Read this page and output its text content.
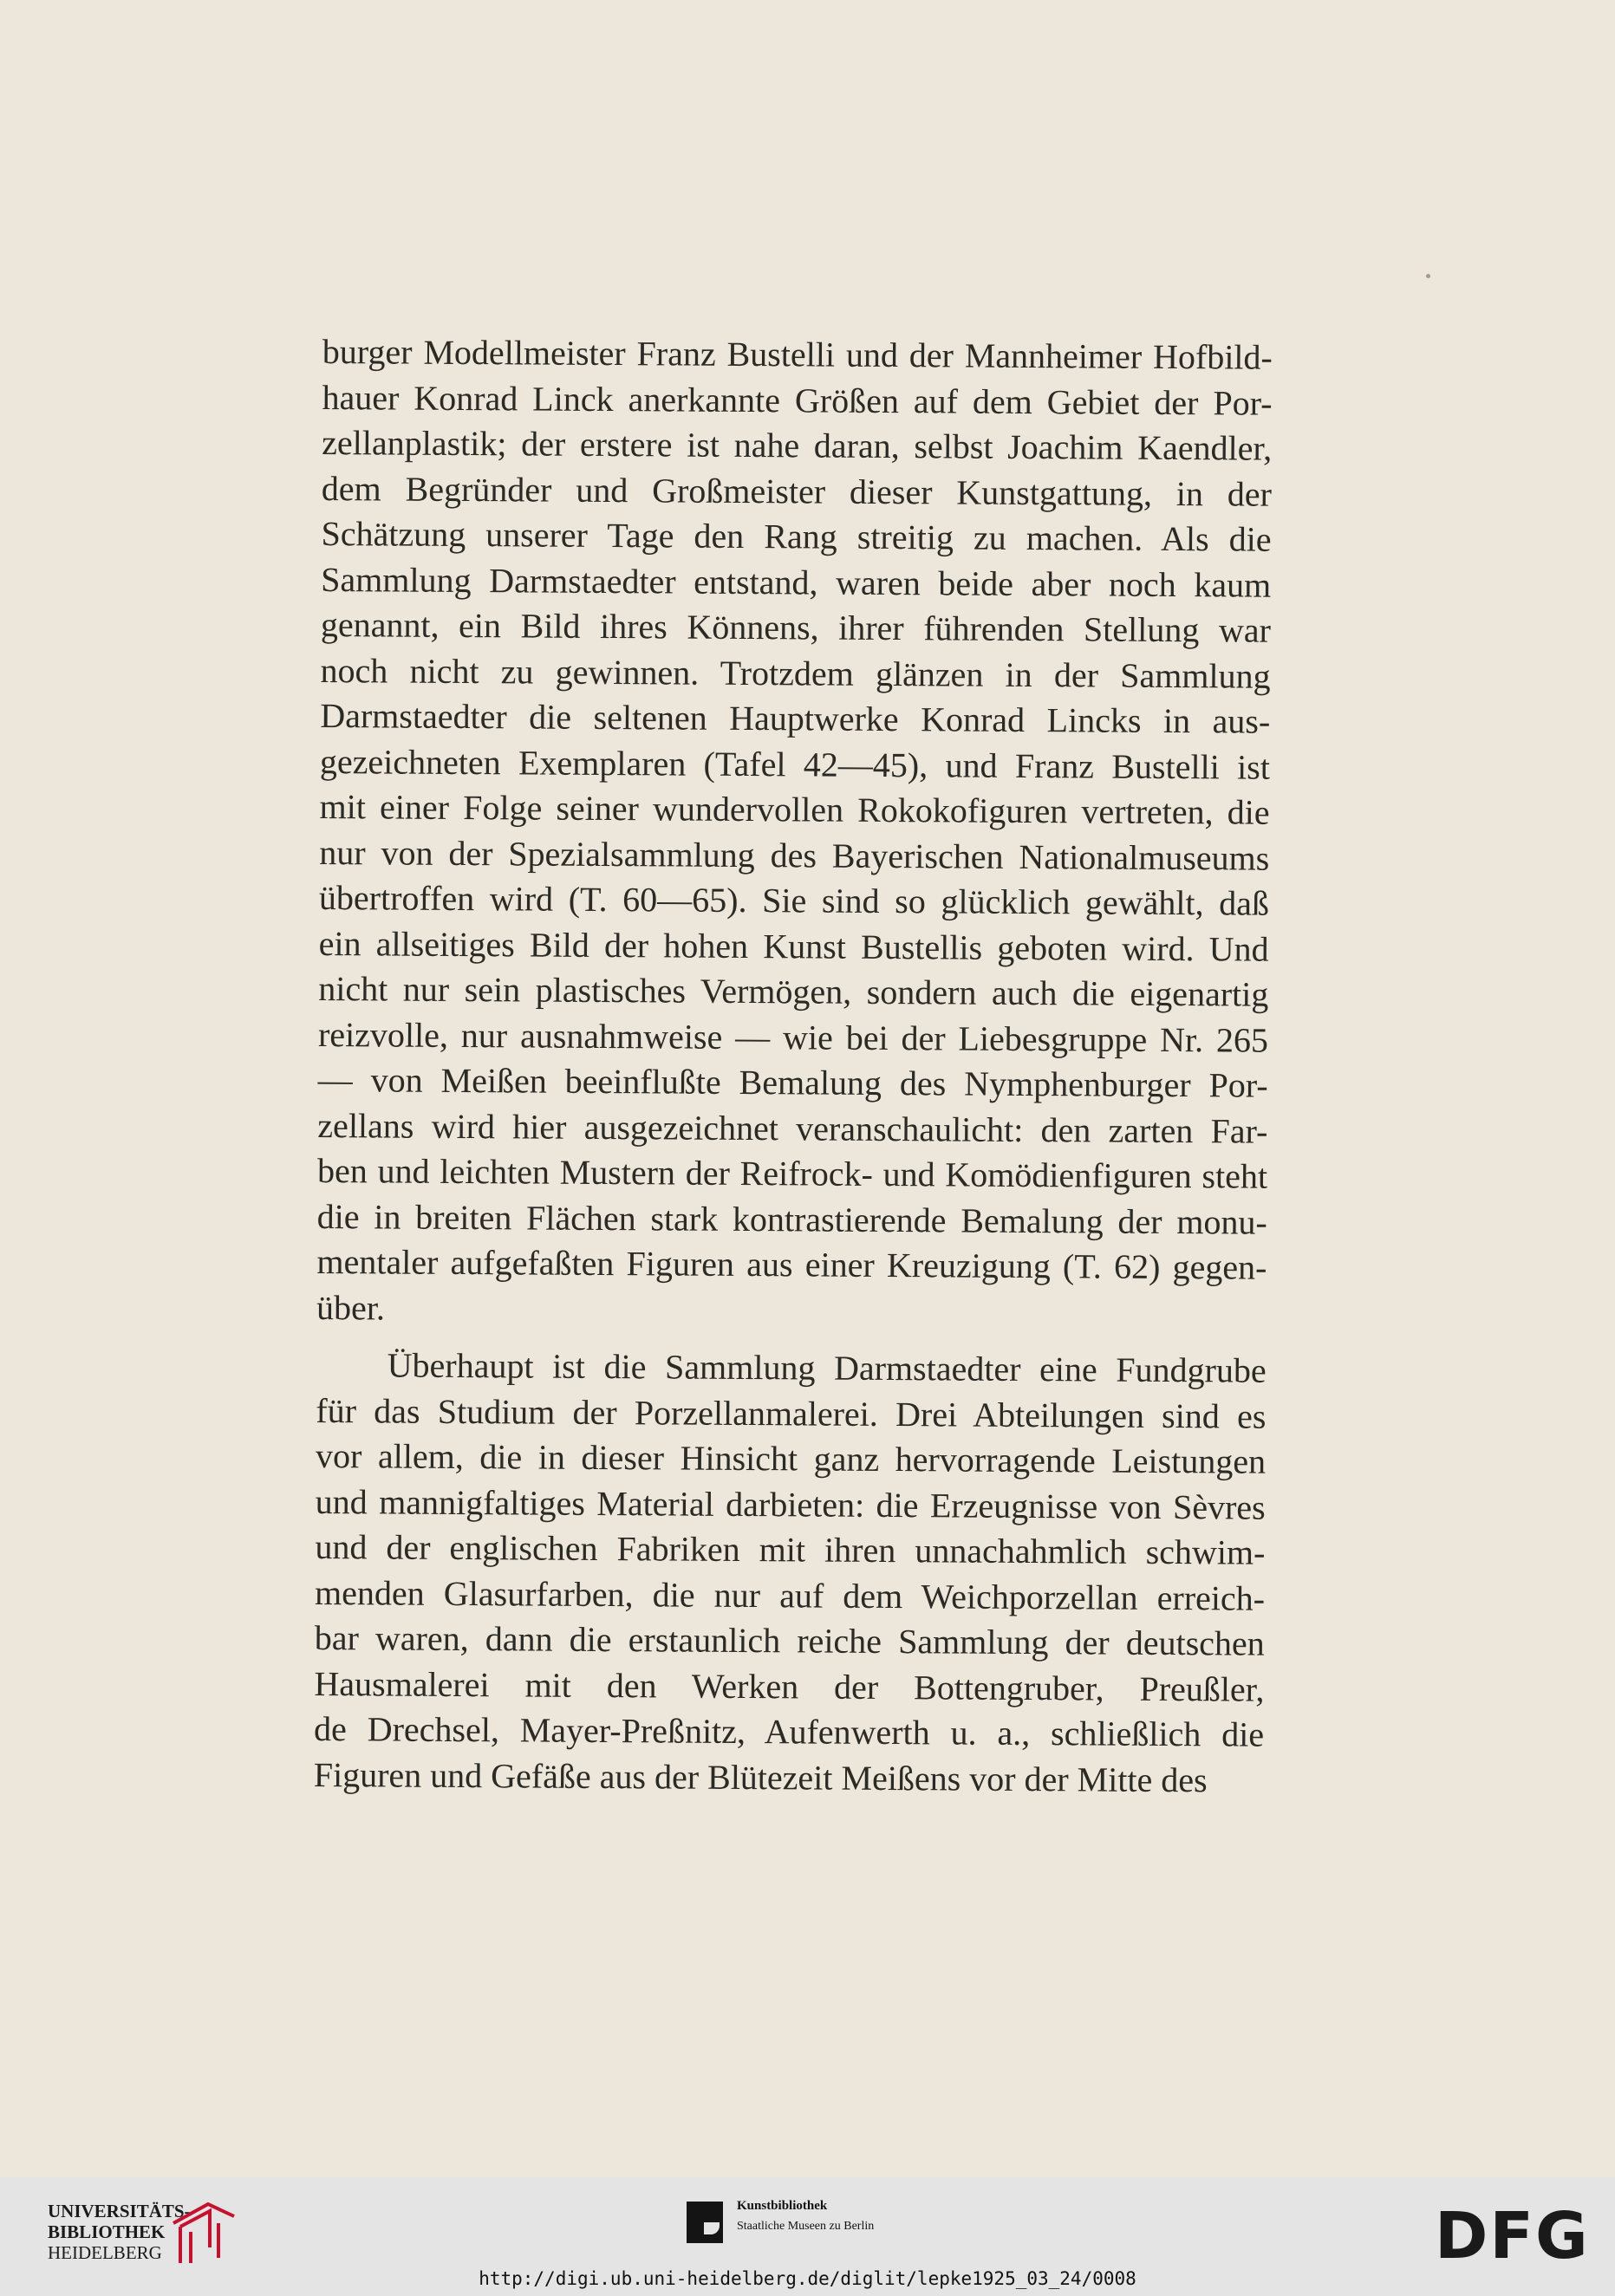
burger Modellmeister Franz Bustelli und der Mannheimer Hofbild-
hauer Konrad Linck anerkannte Größen auf dem Gebiet der Por-
zellanplastik; der erstere ist nahe daran, selbst Joachim Kaendler,
dem Begründer und Großmeister dieser Kunstgattung, in der
Schätzung unserer Tage den Rang streitig zu machen. Als die
Sammlung Darmstaedter entstand, waren beide aber noch kaum
genannt, ein Bild ihres Könnens, ihrer führenden Stellung war
noch nicht zu gewinnen. Trotzdem glänzen in der Sammlung
Darmstaedter die seltenen Hauptwerke Konrad Lincks in aus-
gezeichneten Exemplaren (Tafel 42—45), und Franz Bustelli ist
mit einer Folge seiner wundervollen Rokokofiguren vertreten, die
nur von der Spezialsammlung des Bayerischen Nationalmuseums
übertroffen wird (T. 60—65). Sie sind so glücklich gewählt, daß
ein allseitiges Bild der hohen Kunst Bustellis geboten wird. Und
nicht nur sein plastisches Vermögen, sondern auch die eigenartig
reizvolle, nur ausnahmweise — wie bei der Liebesgruppe Nr. 265
— von Meißen beeinflußte Bemalung des Nymphenburger Por-
zellans wird hier ausgezeichnet veranschaulicht: den zarten Far-
ben und leichten Mustern der Reifrock- und Komödienfiguren steht
die in breiten Flächen stark kontrastierende Bemalung der monu-
mentaler aufgefaßten Figuren aus einer Kreuzigung (T. 62) gegen-
über.
Überhaupt ist die Sammlung Darmstaedter eine Fundgrube
für das Studium der Porzellanmalerei. Drei Abteilungen sind es
vor allem, die in dieser Hinsicht ganz hervorragende Leistungen
und mannigfaltiges Material darbieten: die Erzeugnisse von Sèvres
und der englischen Fabriken mit ihren unnachahmlich schwim-
menden Glasurfarben, die nur auf dem Weichporzellan erreich-
bar waren, dann die erstaunlich reiche Sammlung der deutschen
Hausmalerei mit den Werken der Bottengruber, Preußler,
de Drechsel, Mayer-Preßnitz, Aufenwerth u. a., schließlich die
Figuren und Gefäße aus der Blütezeit Meißens vor der Mitte des
UNIVERSITÄTS-
BIBLIOTHEK
HEIDELBERG
Kunstbibliothek
Staatliche Museen zu Berlin	DFG
http://digi.ub.uni-heidelberg.de/diglit/lepke1925_03_24/0008
